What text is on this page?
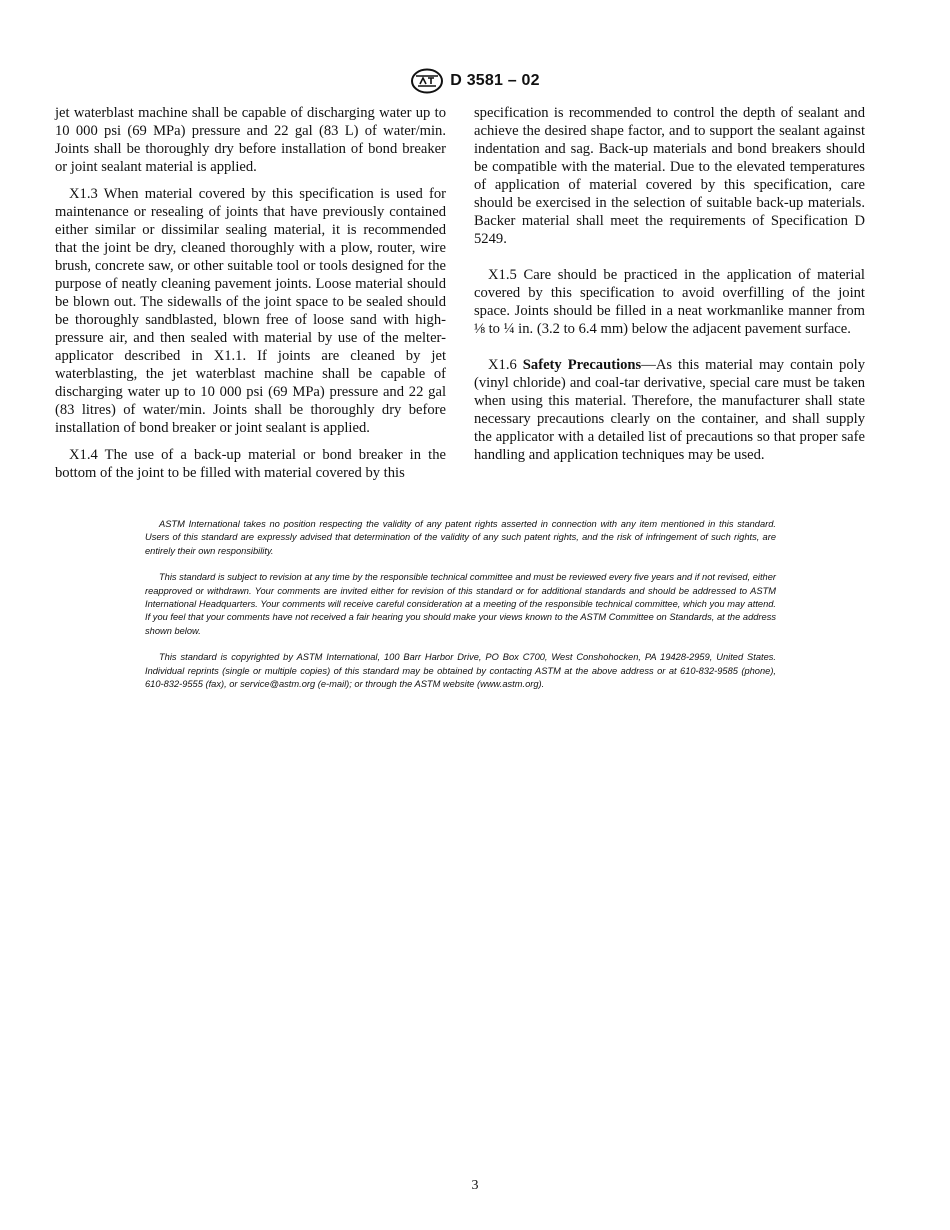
D 3581 – 02

jet waterblast machine shall be capable of discharging water up to 10 000 psi (69 MPa) pressure and 22 gal (83 L) of water/min. Joints shall be thoroughly dry before installation of bond breaker or joint sealant material is applied.

X1.3 When material covered by this specification is used for maintenance or resealing of joints that have previously contained either similar or dissimilar sealing material, it is recommended that the joint be dry, cleaned thoroughly with a plow, router, wire brush, concrete saw, or other suitable tool or tools designed for the purpose of neatly cleaning pavement joints. Loose material should be blown out. The sidewalls of the joint space to be sealed should be thoroughly sandblasted, blown free of loose sand with high-pressure air, and then sealed with material by use of the melter-applicator described in X1.1. If joints are cleaned by jet waterblasting, the jet waterblast machine shall be capable of discharging water up to 10 000 psi (69 MPa) pressure and 22 gal (83 litres) of water/min. Joints shall be thoroughly dry before installation of bond breaker or joint sealant is applied.

X1.4 The use of a back-up material or bond breaker in the bottom of the joint to be filled with material covered by this

specification is recommended to control the depth of sealant and achieve the desired shape factor, and to support the sealant against indentation and sag. Back-up materials and bond breakers should be compatible with the material. Due to the elevated temperatures of application of material covered by this specification, care should be exercised in the selection of suitable back-up materials. Backer material shall meet the requirements of Specification D 5249.

X1.5 Care should be practiced in the application of material covered by this specification to avoid overfilling of the joint space. Joints should be filled in a neat workmanlike manner from ⅛ to ¼ in. (3.2 to 6.4 mm) below the adjacent pavement surface.

X1.6 Safety Precautions—As this material may contain poly (vinyl chloride) and coal-tar derivative, special care must be taken when using this material. Therefore, the manufacturer shall state necessary precautions clearly on the container, and shall supply the applicator with a detailed list of precautions so that proper safe handling and application techniques may be used.

ASTM International takes no position respecting the validity of any patent rights asserted in connection with any item mentioned in this standard. Users of this standard are expressly advised that determination of the validity of any such patent rights, and the risk of infringement of such rights, are entirely their own responsibility.

This standard is subject to revision at any time by the responsible technical committee and must be reviewed every five years and if not revised, either reapproved or withdrawn. Your comments are invited either for revision of this standard or for additional standards and should be addressed to ASTM International Headquarters. Your comments will receive careful consideration at a meeting of the responsible technical committee, which you may attend. If you feel that your comments have not received a fair hearing you should make your views known to the ASTM Committee on Standards, at the address shown below.

This standard is copyrighted by ASTM International, 100 Barr Harbor Drive, PO Box C700, West Conshohocken, PA 19428-2959, United States. Individual reprints (single or multiple copies) of this standard may be obtained by contacting ASTM at the above address or at 610-832-9585 (phone), 610-832-9555 (fax), or service@astm.org (e-mail); or through the ASTM website (www.astm.org).

3
